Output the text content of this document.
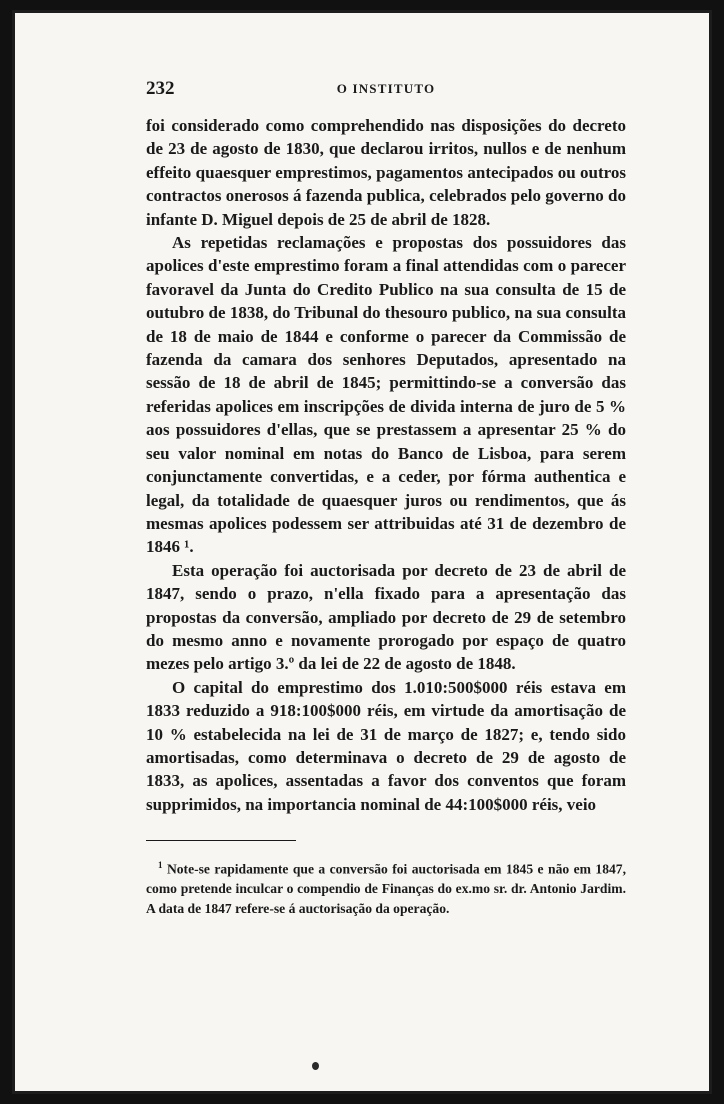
232	O INSTITUTO

foi considerado como comprehendido nas disposições do decreto de 23 de agosto de 1830, que declarou irritos, nullos e de nenhum effeito quaesquer emprestimos, pagamentos antecipados ou outros contractos onerosos á fazenda publica, celebrados pelo governo do infante D. Miguel depois de 25 de abril de 1828.

As repetidas reclamações e propostas dos possuidores das apolices d'este emprestimo foram a final attendidas com o parecer favoravel da Junta do Credito Publico na sua consulta de 15 de outubro de 1838, do Tribunal do thesouro publico, na sua consulta de 18 de maio de 1844 e conforme o parecer da Commissão de fazenda da camara dos senhores Deputados, apresentado na sessão de 18 de abril de 1845; permittindo-se a conversão das referidas apolices em inscripções de divida interna de juro de 5 % aos possuidores d'ellas, que se prestassem a apresentar 25 % do seu valor nominal em notas do Banco de Lisboa, para serem conjunctamente convertidas, e a ceder, por fórma authentica e legal, da totalidade de quaesquer juros ou rendimentos, que ás mesmas apolices podessem ser attribuidas até 31 de dezembro de 1846 ¹.

Esta operação foi auctorisada por decreto de 23 de abril de 1847, sendo o prazo, n'ella fixado para a apresentação das propostas da conversão, ampliado por decreto de 29 de setembro do mesmo anno e novamente prorogado por espaço de quatro mezes pelo artigo 3.º da lei de 22 de agosto de 1848.

O capital do emprestimo dos 1.010:500$000 réis estava em 1833 reduzido a 918:100$000 réis, em virtude da amortisação de 10 % estabelecida na lei de 31 de março de 1827; e, tendo sido amortisadas, como determinava o decreto de 29 de agosto de 1833, as apolices, assentadas a favor dos conventos que foram supprimidos, na importancia nominal de 44:100$000 réis, veio

$^1$ Note-se rapidamente que a conversão foi auctorisada em 1845 e não em 1847, como pretende inculcar o compendio de Finanças do ex.mo sr. dr. Antonio Jardim. A data de 1847 refere-se á auctorisação da operação.
